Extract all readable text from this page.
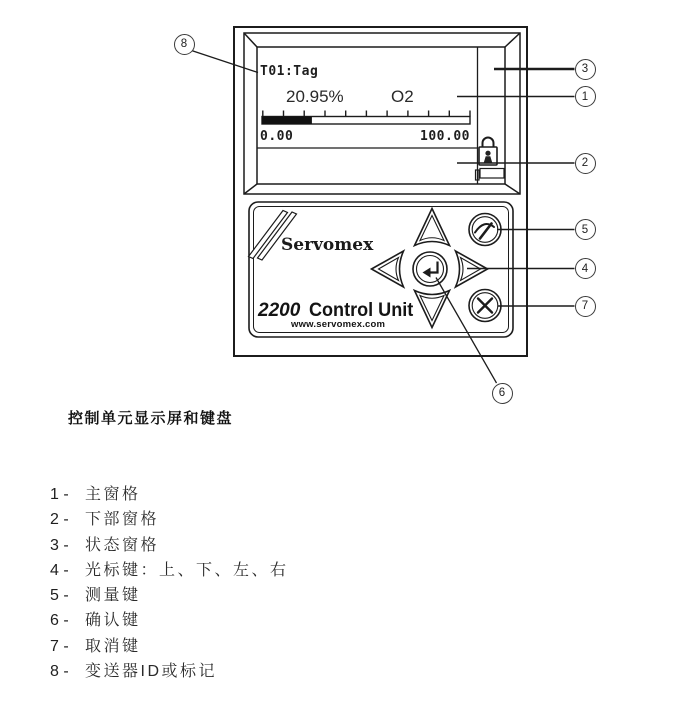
T01:Tag
20.95%	O2
0.00	100.00
Servomex
2200 Control Unit
www.servomex.com
8
3
1
2
5
4
7
6
控制单元显示屏和键盘
1 -	主窗格
2 -	下部窗格
3 -	状态窗格
4 -	光标键：上、下、左、右
5 -	测量键
6 -	确认键
7 -	取消键
8 -	变送器ID或标记
